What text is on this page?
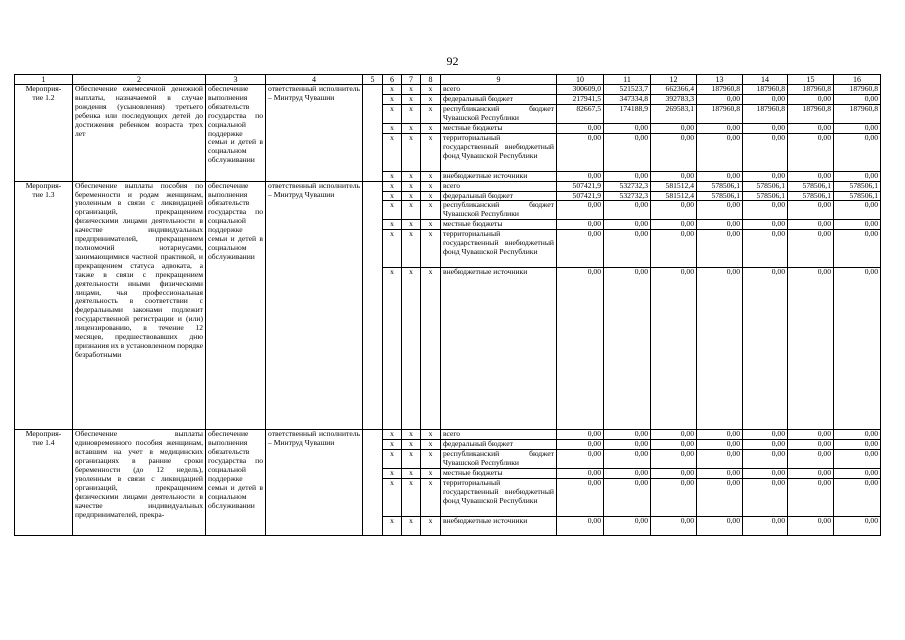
92
1	2	3	4	5	6	7	8	9	10	11	12	13	14	15	16
Мероприя-
тие 1.2	Обеспечение ежемесячной денежной выплаты, назначаемой в случае рождения (усыновления) третьего ребенка или последующих детей до достижения ребенком возраста трех лет	обеспечение выполнения обязательств государства по социальной поддержке семьи и детей в социальном обслуживании	ответственный исполнитель – Минтруд Чувашии		x	x	x	всего	300609,0	521523,7	662366,4	187960,8	187960,8	187960,8	187960,8
					x	x	x	федеральный бюджет	217941,5	347334,8	392783,3	0,00	0,00	0,00	0,00
					x	x	x	республиканский бюджет Чувашской Республики	82667,5	174188,9	269583,1	187960,8	187960,8	187960,8	187960,8
					x	x	x	местные бюджеты	0,00	0,00	0,00	0,00	0,00	0,00	0,00
					x	x	x	территориальный государственный внебюджетный фонд Чувашской Республики	0,00	0,00	0,00	0,00	0,00	0,00	0,00
					x	x	x	внебюджетные источники	0,00	0,00	0,00	0,00	0,00	0,00	0,00
Мероприя-
тие 1.3	Обеспечение выплаты пособия по беременности и родам женщинам, уволенным в связи с ликвидацией организаций, прекращением физическими лицами деятельности в качестве индивидуальных предпринимателей, прекращением полномочий нотариусами, занимающимися частной практикой, и прекращением статуса адвоката, а также в связи с прекращением деятельности иными физическими лицами, чья профессиональная деятельность в соответствии с федеральными законами подлежит государственной регистрации и (или) лицензированию, в течение 12 месяцев, предшествовавших дню признания их в установленном порядке безработными	обеспечение выполнения обязательств государства по социальной поддержке семьи и детей в социальном обслуживании	ответственный исполнитель – Минтруд Чувашии		x	x	x	всего	507421,9	532732,3	581512,4	578506,1	578506,1	578506,1	578506,1
					x	x	x	федеральный бюджет	507421,9	532732,3	581512,4	578506,1	578506,1	578506,1	578506,1
					x	x	x	республиканский бюджет Чувашской Республики	0,00	0,00	0,00	0,00	0,00	0,00	0,00
					x	x	x	местные бюджеты	0,00	0,00	0,00	0,00	0,00	0,00	0,00
					x	x	x	территориальный государственный внебюджетный фонд Чувашской Республики	0,00	0,00	0,00	0,00	0,00	0,00	0,00
					x	x	x	внебюджетные источники	0,00	0,00	0,00	0,00	0,00	0,00	0,00
Мероприя-
тие 1.4	Обеспечение выплаты единовременного пособия женщинам, вставшим на учет в медицинских организациях в ранние сроки беременности (до 12 недель), уволенным в связи с ликвидацией организаций, прекращением физическими лицами деятельности в качестве индивидуальных предпринимателей, прекра-	обеспечение выполнения обязательств государства по социальной поддержке семьи и детей в социальном обслуживании	ответственный исполнитель – Минтруд Чувашии		x	x	x	всего	0,00	0,00	0,00	0,00	0,00	0,00	0,00
					x	x	x	федеральный бюджет	0,00	0,00	0,00	0,00	0,00	0,00	0,00
					x	x	x	республиканский бюджет Чувашской Республики	0,00	0,00	0,00	0,00	0,00	0,00	0,00
					x	x	x	местные бюджеты	0,00	0,00	0,00	0,00	0,00	0,00	0,00
					x	x	x	территориальный государственный внебюджетный фонд Чувашской Республики	0,00	0,00	0,00	0,00	0,00	0,00	0,00
					x	x	x	внебюджетные источники	0,00	0,00	0,00	0,00	0,00	0,00	0,00
